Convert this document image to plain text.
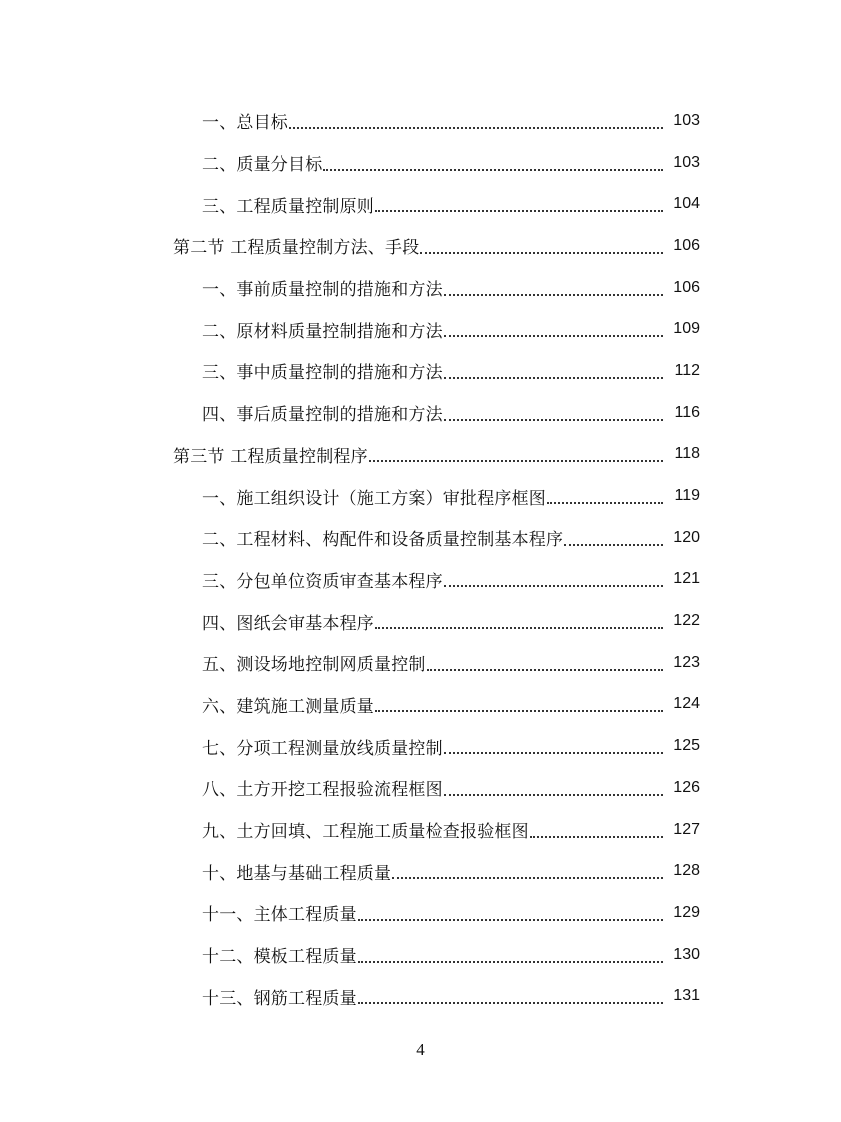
一、总目标	103
二、质量分目标	103
三、工程质量控制原则	104
第二节 工程质量控制方法、手段	106
一、事前质量控制的措施和方法	106
二、原材料质量控制措施和方法	109
三、事中质量控制的措施和方法	112
四、事后质量控制的措施和方法	116
第三节 工程质量控制程序	118
一、施工组织设计（施工方案）审批程序框图	119
二、工程材料、构配件和设备质量控制基本程序	120
三、分包单位资质审查基本程序	121
四、图纸会审基本程序	122
五、测设场地控制网质量控制	123
六、建筑施工测量质量	124
七、分项工程测量放线质量控制	125
八、土方开挖工程报验流程框图	126
九、土方回填、工程施工质量检查报验框图	127
十、地基与基础工程质量	128
十一、主体工程质量	129
十二、模板工程质量	130
十三、钢筋工程质量	131
4
